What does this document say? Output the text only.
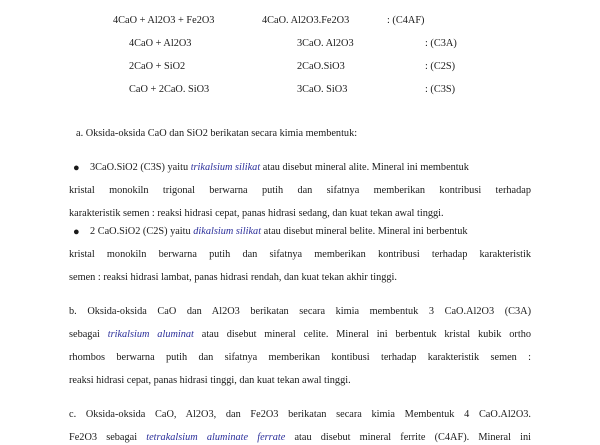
4CaO + Al2O3 + Fe2O3	4CaO. Al2O3.Fe2O3	: (C4AF)
4CaO + Al2O3	3CaO. Al2O3	: (C3A)
2CaO + SiO2	2CaO.SiO3	: (C2S)
CaO + 2CaO. SiO3	3CaO. SiO3	: (C3S)
a. Oksida-oksida CaO dan SiO2 berikatan secara kimia membentuk:
● 3CaO.SiO2 (C3S) yaitu trikalsium silikat atau disebut mineral alite. Mineral ini membentuk
kristal monokiln trigonal berwarna putih dan sifatnya memberikan kontribusi terhadap
karakteristik semen : reaksi hidrasi cepat, panas hidrasi sedang, dan kuat tekan awal tinggi.
● 2 CaO.SiO2 (C2S) yaitu dikalsium silikat atau disebut mineral belite. Mineral ini berbentuk
kristal monokiln berwarna putih dan sifatnya memberikan kontribusi terhadap karakteristik
semen : reaksi hidrasi lambat, panas hidrasi rendah, dan kuat tekan akhir tinggi.
b. Oksida-oksida CaO dan Al2O3 berikatan secara kimia membentuk 3 CaO.Al2O3 (C3A)
sebagai trikalsium aluminat atau disebut mineral celite. Mineral ini berbentuk kristal kubik ortho
rhombos berwarna putih dan sifatnya memberikan kontibusi terhadap karakteristik semen :
reaksi hidrasi cepat, panas hidrasi tinggi, dan kuat tekan awal tinggi.
c. Oksida-oksida CaO, Al2O3, dan Fe2O3 berikatan secara kimia Membentuk 4 CaO.Al2O3.
Fe2O3 sebagai tetrakalsium aluminate ferrate atau disebut mineral ferrite (C4AF). Mineral ini
